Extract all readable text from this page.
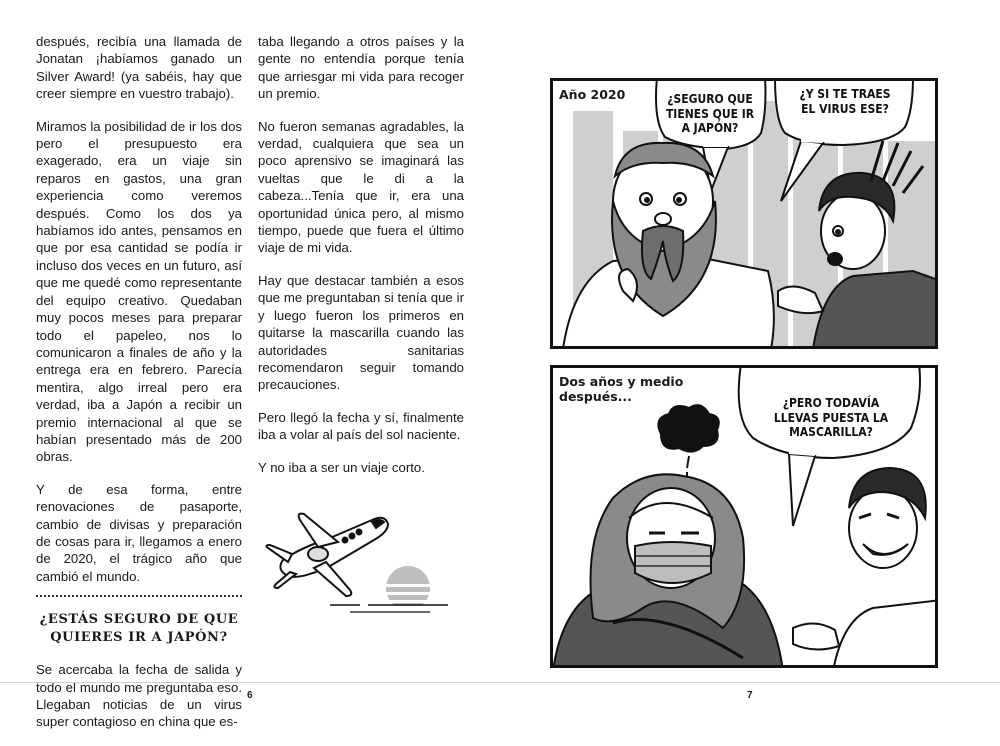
después, recibía una llamada de Jonatan ¡habíamos ganado un Silver Award! (ya sabéis, hay que creer siempre en vuestro trabajo).

Miramos la posibilidad de ir los dos pero el presupuesto era exagerado, era un viaje sin reparos en gastos, una gran experiencia como veremos después. Como los dos ya habíamos ido antes, pensamos en que por esa cantidad se podía ir incluso dos veces en un futuro, así que me quedé como representante del equipo creativo. Quedaban muy pocos meses para preparar todo el papeleo, nos lo comunicaron a finales de año y la entrega era en febrero. Parecía mentira, algo irreal pero era verdad, iba a Japón a recibir un premio internacional al que se habían presentado más de 200 obras.

Y de esa forma, entre renovaciones de pasaporte, cambio de divisas y preparación de cosas para ir, llegamos a enero de 2020, el trágico año que cambió el mundo.

¿ESTÁS SEGURO DE QUE
QUIERES IR A JAPÓN?

Se acercaba la fecha de salida y todo el mundo me preguntaba eso. Llegaban noticias de un virus super contagioso en china que es-

taba llegando a otros países y la gente no entendía porque tenía que arriesgar mi vida para recoger un premio.

No fueron semanas agradables, la verdad, cualquiera que sea un poco aprensivo se imaginará las vueltas que le di a la cabeza...Tenía que ir, era una oportunidad única pero, al mismo tiempo, puede que fuera el último viaje de mi vida.

Hay que destacar también a esos que me preguntaban si tenía que ir y luego fueron los primeros en quitarse la mascarilla cuando las autoridades sanitarias recomendaron seguir tomando precauciones.

Pero llegó la fecha y sí, finalmente iba a volar al país del sol naciente.

Y no iba a ser un viaje corto.

6	7
Año 2020	¿SEGURO QUE
TIENES QUE IR
A JAPÓN?
¿Y SI TE TRAES
EL VIRUS ESE?
Dos años y medio
después...	¿PERO TODAVÍA
LLEVAS PUESTA LA
MASCARILLA?
